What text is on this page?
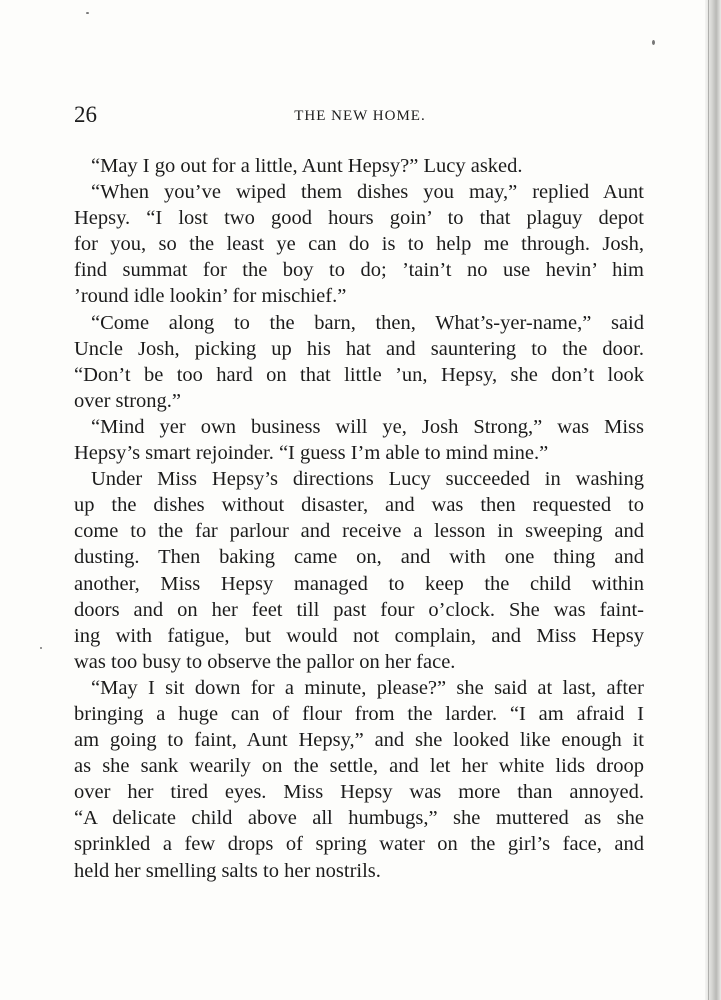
26	THE NEW HOME.
“May I go out for a little, Aunt Hepsy?” Lucy asked.
“When you’ve wiped them dishes you may,” replied Aunt
Hepsy. “I lost two good hours goin’ to that plaguy depot
for you, so the least ye can do is to help me through. Josh,
find summat for the boy to do; ’tain’t no use hevin’ him
’round idle lookin’ for mischief.”
“Come along to the barn, then, What’s-yer-name,” said
Uncle Josh, picking up his hat and sauntering to the door.
“Don’t be too hard on that little ’un, Hepsy, she don’t look
over strong.”
“Mind yer own business will ye, Josh Strong,” was Miss
Hepsy’s smart rejoinder. “I guess I’m able to mind mine.”
Under Miss Hepsy’s directions Lucy succeeded in washing
up the dishes without disaster, and was then requested to
come to the far parlour and receive a lesson in sweeping and
dusting. Then baking came on, and with one thing and
another, Miss Hepsy managed to keep the child within
doors and on her feet till past four o’clock. She was faint-
ing with fatigue, but would not complain, and Miss Hepsy
was too busy to observe the pallor on her face.
“May I sit down for a minute, please?” she said at last, after
bringing a huge can of flour from the larder. “I am afraid I
am going to faint, Aunt Hepsy,” and she looked like enough it
as she sank wearily on the settle, and let her white lids droop
over her tired eyes. Miss Hepsy was more than annoyed.
“A delicate child above all humbugs,” she muttered as she
sprinkled a few drops of spring water on the girl’s face, and
held her smelling salts to her nostrils.
